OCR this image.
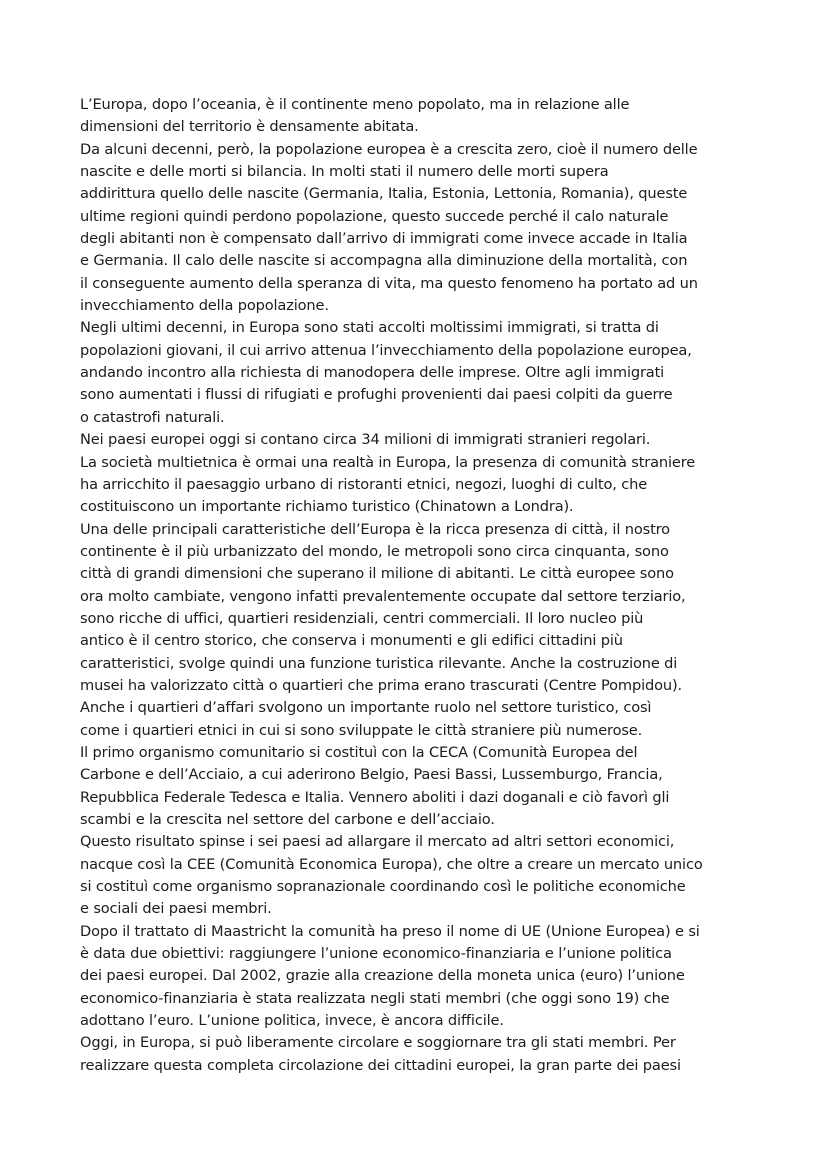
L’Europa, dopo l’oceania, è il continente meno popolato, ma in relazione alle
dimensioni del territorio è densamente abitata.
Da alcuni decenni, però, la popolazione europea è a crescita zero, cioè il numero delle
nascite e delle morti si bilancia. In molti stati il numero delle morti supera
addirittura quello delle nascite (Germania, Italia, Estonia, Lettonia, Romania), queste
ultime regioni quindi perdono popolazione, questo succede perché il calo naturale
degli abitanti non è compensato dall’arrivo di immigrati come invece accade in Italia
e Germania. Il calo delle nascite si accompagna alla diminuzione della mortalità, con
il conseguente aumento della speranza di vita, ma questo fenomeno ha portato ad un
invecchiamento della popolazione.
Negli ultimi decenni, in Europa sono stati accolti moltissimi immigrati, si tratta di
popolazioni giovani, il cui arrivo attenua l’invecchiamento della popolazione europea,
andando incontro alla richiesta di manodopera delle imprese. Oltre agli immigrati
sono aumentati i flussi di rifugiati e profughi provenienti dai paesi colpiti da guerre
o catastrofi naturali.
Nei paesi europei oggi si contano circa 34 milioni di immigrati stranieri regolari.
La società multietnica è ormai una realtà in Europa, la presenza di comunità straniere
ha arricchito il paesaggio urbano di ristoranti etnici, negozi, luoghi di culto, che
costituiscono un importante richiamo turistico (Chinatown a Londra).
Una delle principali caratteristiche dell’Europa è la ricca presenza di città, il nostro
continente è il più urbanizzato del mondo, le metropoli sono circa cinquanta, sono
città di grandi dimensioni che superano il milione di abitanti. Le città europee sono
ora molto cambiate, vengono infatti prevalentemente occupate dal settore terziario,
sono ricche di uffici, quartieri residenziali, centri commerciali. Il loro nucleo più
antico è il centro storico, che conserva i monumenti e gli edifici cittadini più
caratteristici, svolge quindi una funzione turistica rilevante. Anche la costruzione di
musei ha valorizzato città o quartieri che prima erano trascurati (Centre Pompidou).
Anche i quartieri d’affari svolgono un importante ruolo nel settore turistico, così
come i quartieri etnici in cui si sono sviluppate le città straniere più numerose.
Il primo organismo comunitario si costituì con la CECA (Comunità Europea del
Carbone e dell’Acciaio, a cui aderirono Belgio, Paesi Bassi, Lussemburgo, Francia,
Repubblica Federale Tedesca e Italia. Vennero aboliti i dazi doganali e ciò favorì gli
scambi e la crescita nel settore del carbone e dell’acciaio.
Questo risultato spinse i sei paesi ad allargare il mercato ad altri settori economici,
nacque così la CEE (Comunità Economica Europa), che oltre a creare un mercato unico
si costituì come organismo sopranazionale coordinando così le politiche economiche
e sociali dei paesi membri.
Dopo il trattato di Maastricht la comunità ha preso il nome di UE (Unione Europea) e si
è data due obiettivi: raggiungere l’unione economico-finanziaria e l’unione politica
dei paesi europei. Dal 2002, grazie alla creazione della moneta unica (euro) l’unione
economico-finanziaria è stata realizzata negli stati membri (che oggi sono 19) che
adottano l’euro. L’unione politica, invece, è ancora difficile.
Oggi, in Europa, si può liberamente circolare e soggiornare tra gli stati membri. Per
realizzare questa completa circolazione dei cittadini europei, la gran parte dei paesi
